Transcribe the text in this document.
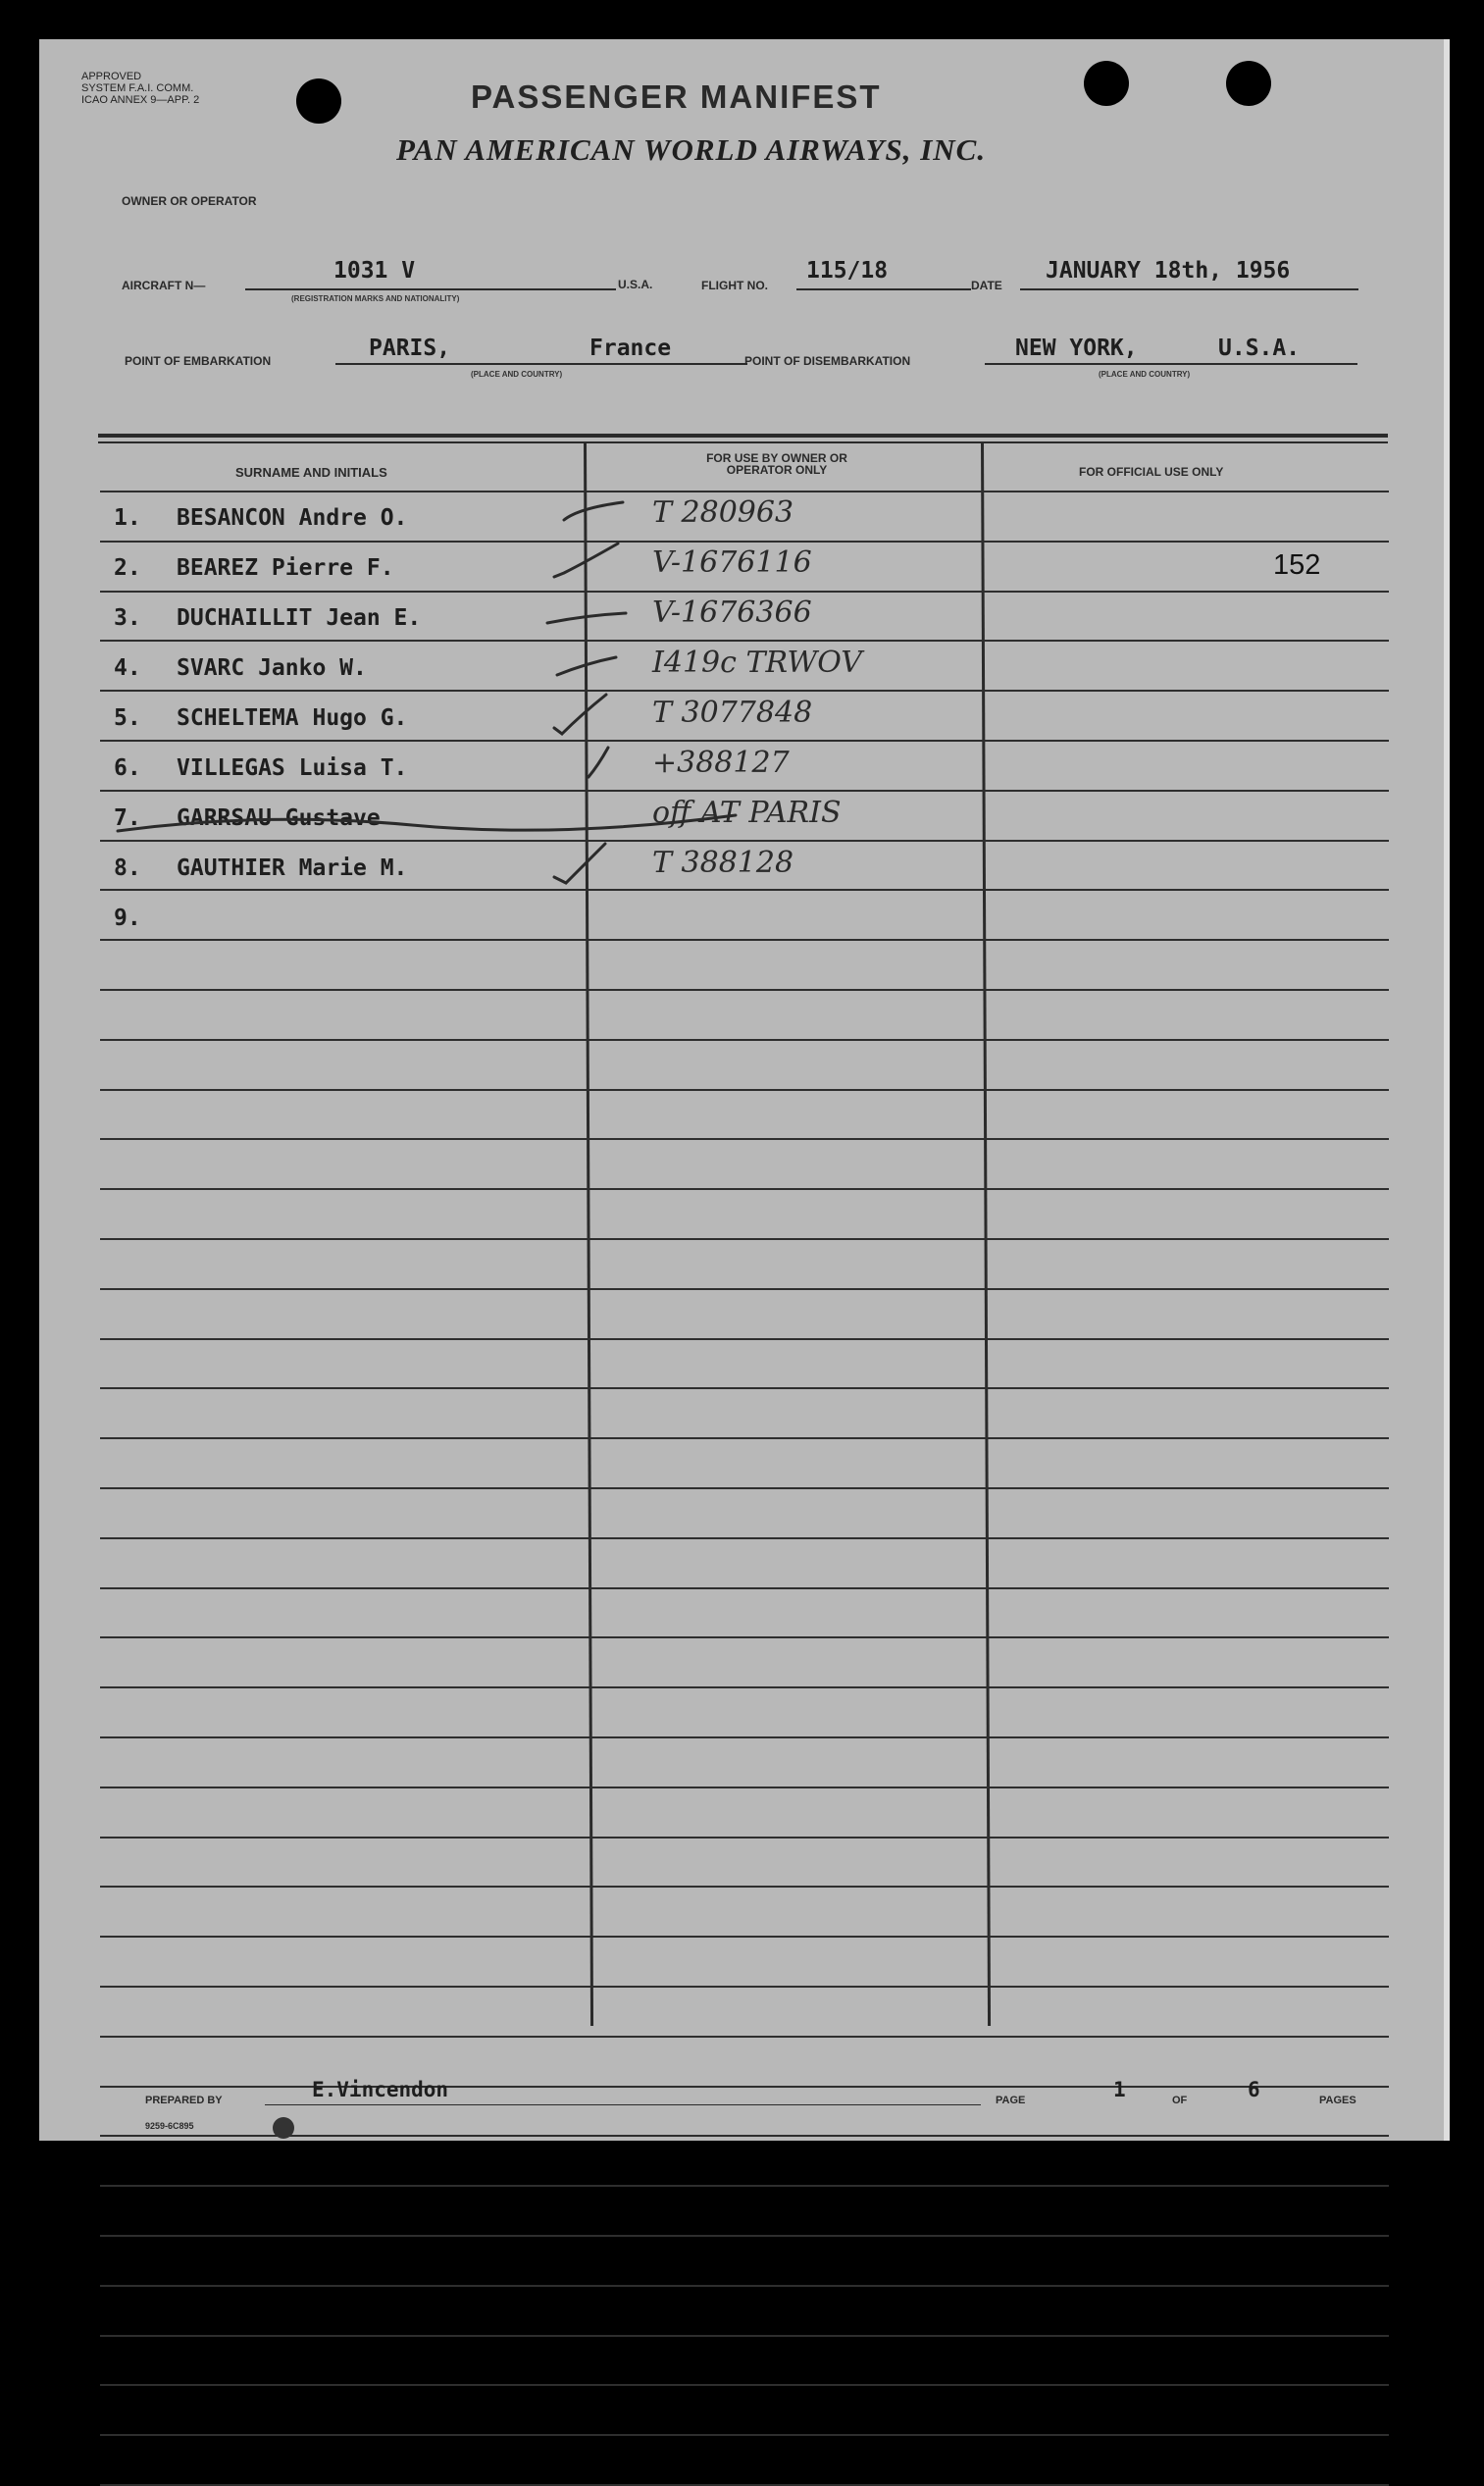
APPROVED
SYSTEM F.A.I. COMM.
ICAO ANNEX 9—APP. 2	PASSENGER MANIFEST
OWNER OR OPERATOR
PAN AMERICAN WORLD AIRWAYS, INC.
AIRCRAFT N—
1031 V
(REGISTRATION MARKS AND NATIONALITY)
U.S.A.	FLIGHT NO.
115/18
DATE
JANUARY 18th, 1956
POINT OF EMBARKATION	PARIS,	France
(PLACE AND COUNTRY)
POINT OF DISEMBARKATION	NEW YORK,	U.S.A.
(PLACE AND COUNTRY)
SURNAME AND INITIALS
FOR USE BY OWNER OR OPERATOR ONLY	FOR OFFICIAL USE ONLY
1. BESANCON Andre O.	T 280963
2. BEAREZ Pierre F.	V-1676116	152
3. DUCHAILLIT Jean E.	V-1676366
4. SVARC Janko W.	I419c TRWOV
5. SCHELTEMA Hugo G.	T 3077848
6. VILLEGAS Luisa T.	+388127
7. GARRSAU Gustave	off AT PARIS
8. GAUTHIER Marie M.	T 388128
9.
PREPARED BY	E.Vincendon	PAGE	1	OF	6	PAGES
9259-6C895
